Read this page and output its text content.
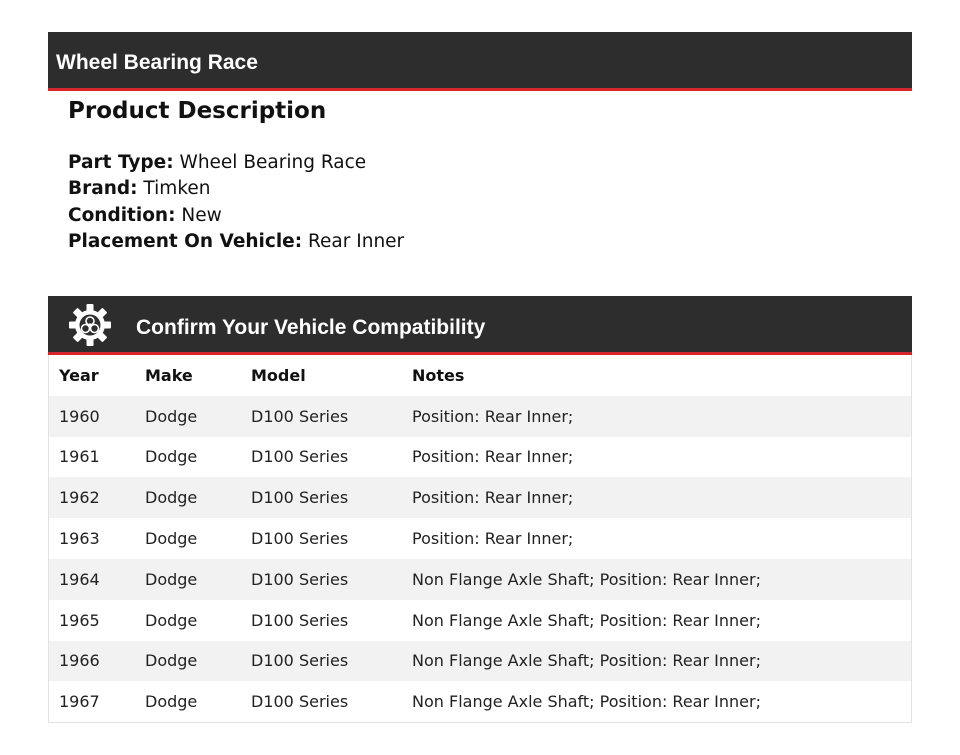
Wheel Bearing Race
Product Description
Part Type: Wheel Bearing Race
Brand: Timken
Condition: New
Placement On Vehicle: Rear Inner
Confirm Your Vehicle Compatibility
Year	Make	Model	Notes
1960	Dodge	D100 Series	Position: Rear Inner;
1961	Dodge	D100 Series	Position: Rear Inner;
1962	Dodge	D100 Series	Position: Rear Inner;
1963	Dodge	D100 Series	Position: Rear Inner;
1964	Dodge	D100 Series	Non Flange Axle Shaft; Position: Rear Inner;
1965	Dodge	D100 Series	Non Flange Axle Shaft; Position: Rear Inner;
1966	Dodge	D100 Series	Non Flange Axle Shaft; Position: Rear Inner;
1967	Dodge	D100 Series	Non Flange Axle Shaft; Position: Rear Inner;
